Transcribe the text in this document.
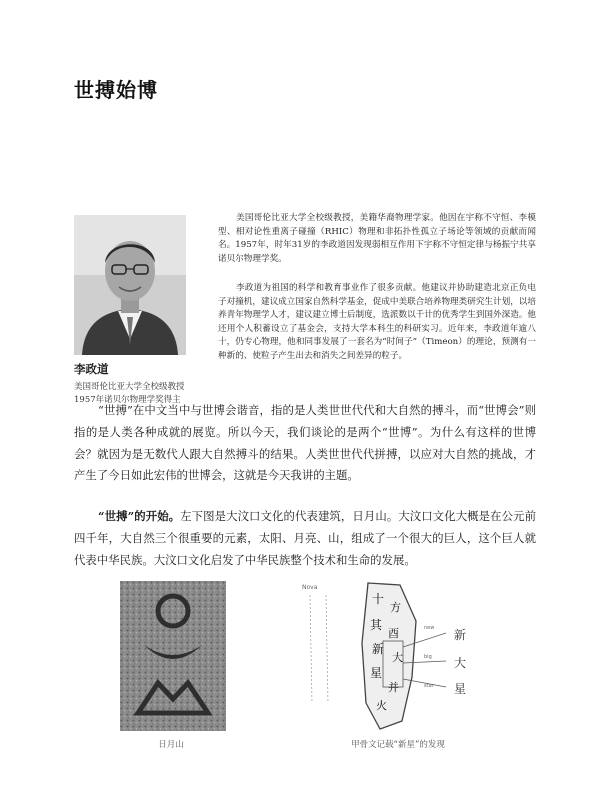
世搏始博
李政道
美国哥伦比亚大学全校级教授
1957年诺贝尔物理学奖得主

美国哥伦比亚大学全校级教授，美籍华裔物理学家。他因在宇称不守恒、李模型、相对论性重离子碰撞（RHIC）物理和非拓扑性孤立子场论等领域的贡献而闻名。1957年，时年31岁的李政道因发现弱相互作用下宇称不守恒定律与杨振宁共享诺贝尔物理学奖。

李政道为祖国的科学和教育事业作了很多贡献。他建议并协助建造北京正负电子对撞机，建议成立国家自然科学基金，促成中美联合培养物理类研究生计划，以培养青年物理学人才，建议建立博士后制度，选派数以千计的优秀学生到国外深造。他还用个人积蓄设立了基金会，支持大学本科生的科研实习。近年来，李政道年逾八十，仍专心物理，他和同事发展了一套名为“时间子”（Timeon）的理论，预测有一种新的、使粒子产生出去和消失之间差异的粒子。

“世搏”在中文当中与世博会谐音，指的是人类世世代代和大自然的搏斗，而“世博会”则指的是人类各种成就的展览。所以今天，我们谈论的是两个“世博”。为什么有这样的世博会？就因为是无数代人跟大自然搏斗的结果。人类世世代代拼搏，以应对大自然的挑战，才产生了今日如此宏伟的世博会，这就是今天我讲的主题。

“世搏”的开始。左下图是大汶口文化的代表建筑，日月山。大汶口文化大概是在公元前四千年，大自然三个很重要的元素，太阳、月亮、山，组成了一个很大的巨人，这个巨人就代表中华民族。大汶口文化启发了中华民族整个技术和生命的发展。

日月山
Nova
十
方
其
酉
新
大
星
并
火
new
big
star
新
大
星
甲骨文记载“新星”的发现
